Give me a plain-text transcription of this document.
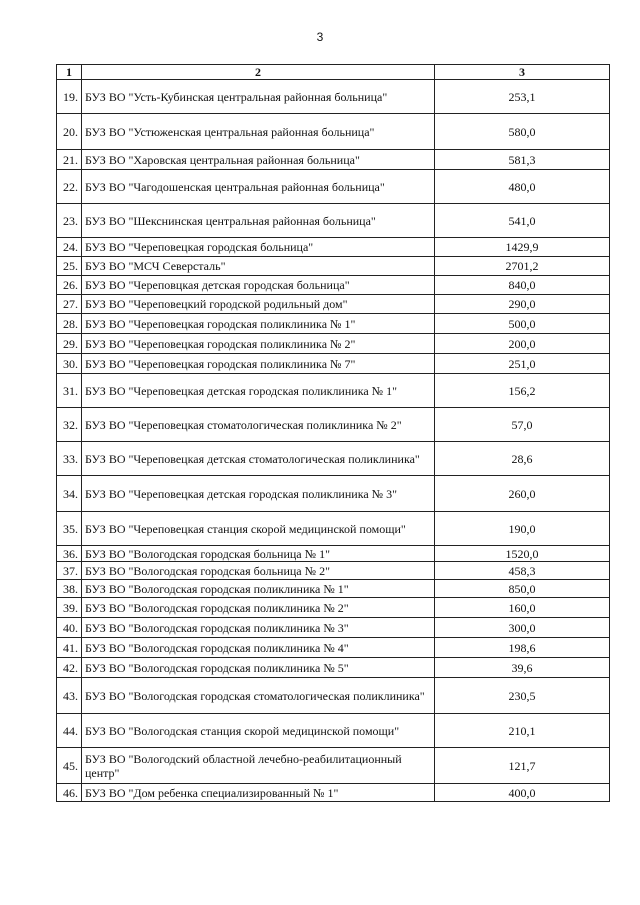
3
1	2	3
19.	БУЗ ВО "Усть-Кубинская центральная районная больница"	253,1
20.	БУЗ ВО "Устюженская центральная районная больница"	580,0
21.	БУЗ ВО "Харовская центральная районная больница"	581,3
22.	БУЗ ВО "Чагодошенская центральная районная больница"	480,0
23.	БУЗ ВО "Шекснинская центральная районная больница"	541,0
24.	БУЗ ВО "Череповецкая городская больница"	1429,9
25.	БУЗ ВО "МСЧ Северсталь"	2701,2
26.	БУЗ ВО "Череповцкая детская городская больница"	840,0
27.	БУЗ ВО "Череповецкий городской родильный дом"	290,0
28.	БУЗ ВО "Череповецкая городская поликлиника № 1"	500,0
29.	БУЗ ВО "Череповецкая городская поликлиника № 2"	200,0
30.	БУЗ ВО "Череповецкая городская поликлиника № 7"	251,0
31.	БУЗ ВО "Череповецкая детская городская поликлиника № 1"	156,2
32.	БУЗ ВО "Череповецкая стоматологическая поликлиника № 2"	57,0
33.	БУЗ ВО "Череповецкая детская стоматологическая поликлиника"	28,6
34.	БУЗ ВО "Череповецкая детская городская поликлиника № 3"	260,0
35.	БУЗ ВО "Череповецкая станция скорой медицинской помощи"	190,0
36.	БУЗ ВО "Вологодская городская больница № 1"	1520,0
37.	БУЗ ВО "Вологодская городская больница № 2"	458,3
38.	БУЗ ВО "Вологодская городская поликлиника № 1"	850,0
39.	БУЗ ВО "Вологодская городская поликлиника № 2"	160,0
40.	БУЗ ВО "Вологодская городская поликлиника № 3"	300,0
41.	БУЗ ВО "Вологодская городская поликлиника № 4"	198,6
42.	БУЗ ВО "Вологодская городская поликлиника № 5"	39,6
43.	БУЗ ВО "Вологодская городская стоматологическая поликлиника"	230,5
44.	БУЗ ВО "Вологодская станция скорой медицинской помощи"	210,1
45.	БУЗ ВО "Вологодский областной лечебно-реабилитационный центр"	121,7
46.	БУЗ ВО "Дом ребенка специализированный № 1"	400,0
